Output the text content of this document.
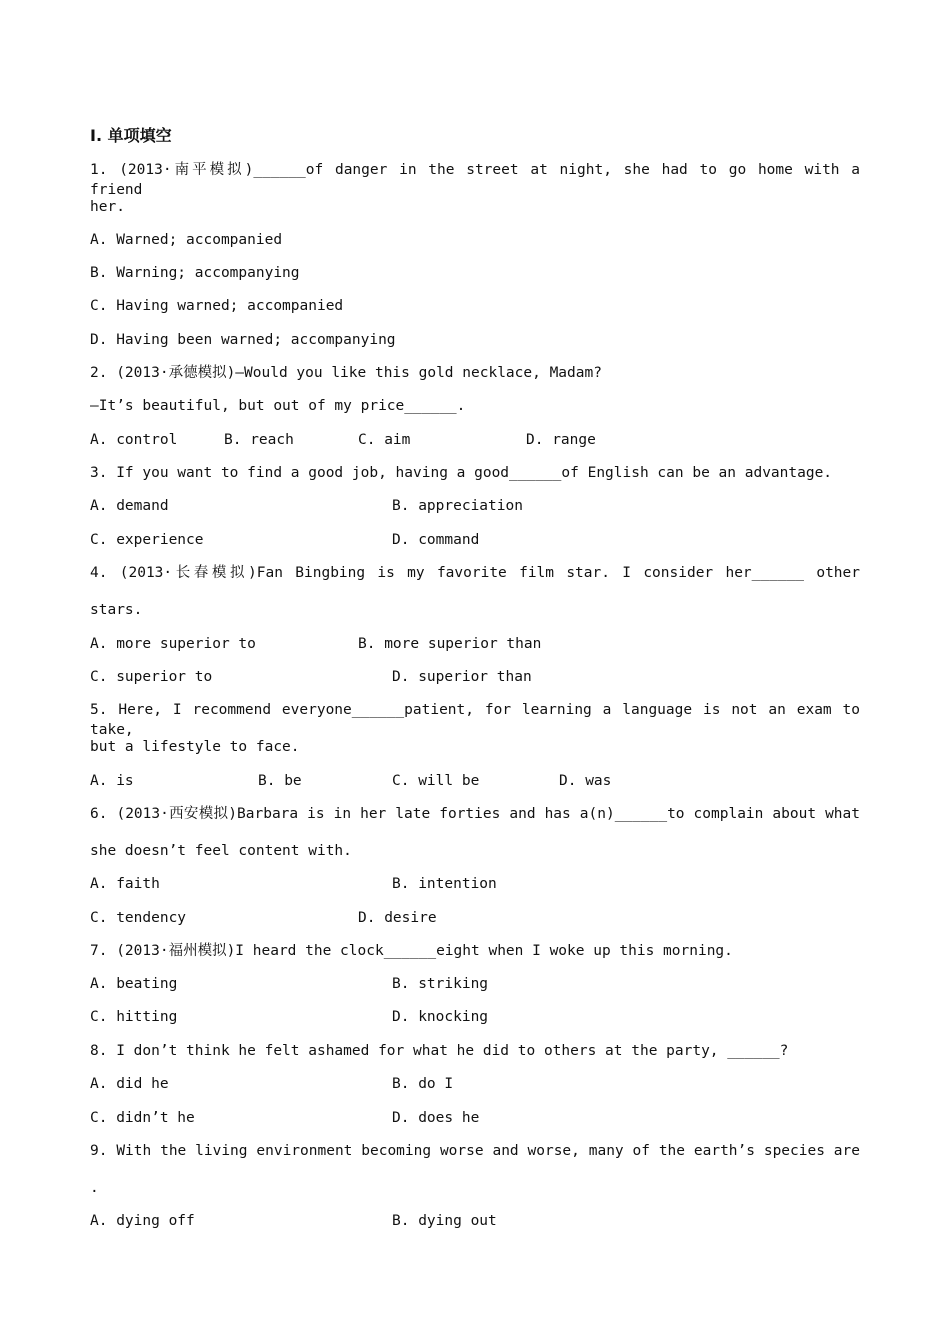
Ⅰ. 单项填空
1. (2013·南平模拟)______of danger in the street at night, she had to go home with a friend
her.
A. Warned; accompanied
B. Warning; accompanying
C. Having warned; accompanied
D. Having been warned; accompanying
2. (2013·承德模拟)—Would you like this gold necklace, Madam?
—It’s beautiful, but out of my price______.
A. control	B. reach	C. aim	D. range
3. If you want to find a good job, having a good______of English can be an advantage.
A. demand	B. appreciation
C. experience	D. command
4. (2013·长春模拟)Fan Bingbing is my favorite film star. I consider her______ other
stars.
A. more superior to	B. more superior than
C. superior to	D. superior than
5. Here, I recommend everyone______patient, for learning a language is not an exam to take,
but a lifestyle to face.
A. is	B. be	C. will be	D. was
6. (2013·西安模拟)Barbara is in her late forties and has a(n)______to complain about what
she doesn’t feel content with.
A. faith	B. intention
C. tendency	D. desire
7. (2013·福州模拟)I heard the clock______eight when I woke up this morning.
A. beating	B. striking
C. hitting	D. knocking
8. I don’t think he felt ashamed for what he did to others at the party, ______?
A. did he	B. do I
C. didn’t he	D. does he
9. With the living environment becoming worse and worse, many of the earth’s species are
.
A. dying off	B. dying out
